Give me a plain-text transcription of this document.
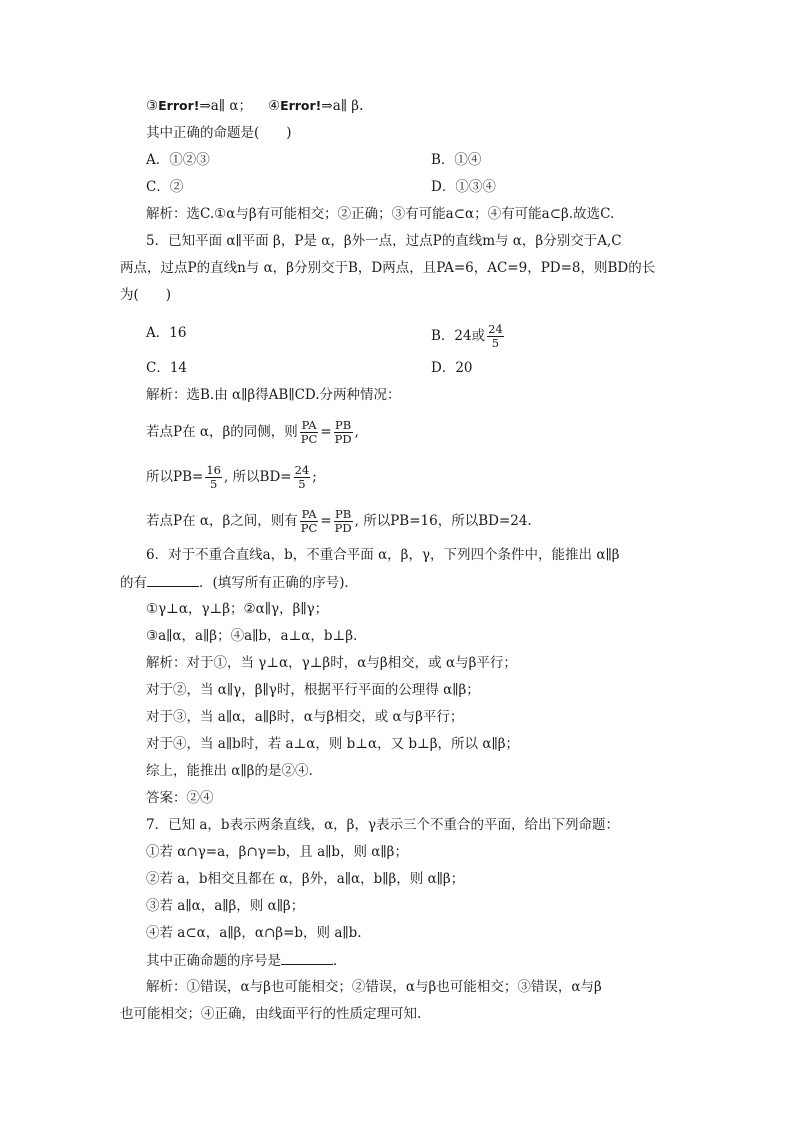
③Error!⇒a∥ α； ④Error!⇒a∥ β.
其中正确的命题是(　　)
A．①②③	B．①④
C．②	D．①③④
解析：选C.①α与β有可能相交；②正确；③有可能a⊂α；④有可能a⊂β.故选C.
5．已知平面 α∥平面 β，P是 α，β外一点，过点P的直线m与 α，β分别交于A,C
两点，过点P的直线n与 α，β分别交于B，D两点，且PA=6，AC=9，PD=8，则BD的长
为(　　)
A．16	B．24或 $\frac{24}{5}$
C．14	D．20
解析：选B.由 α∥β得AB∥CD.分两种情况：
若点P在 α，β的同侧，则 $\frac{PA}{PC} = \frac{PB}{PD}$ ,
所以$PB= \frac{16}{5}$ , 所以$BD= \frac{24}{5}$ ;
若点P在 α，β之间，则有 $\frac{PA}{PC} = \frac{PB}{PD}$ , 所以PB=16，所以BD=24.
6．对于不重合直线a，b，不重合平面 α，β，γ，下列四个条件中，能推出 α∥β
的有	．(填写所有正确的序号)．
①γ⊥α，γ⊥β；②α∥γ，β∥γ；
③a∥α，a∥β；④a∥b，a⊥α，b⊥β.
解析：对于①，当 γ⊥α，γ⊥β时，α与β相交，或 α与β平行；
对于②，当 α∥γ，β∥γ时，根据平行平面的公理得 α∥β；
对于③，当 a∥α，a∥β时，α与β相交，或 α与β平行；
对于④，当 a∥b时，若 a⊥α，则 b⊥α，又 b⊥β，所以 α∥β；
综上，能推出 α∥β的是②④.
答案：②④
7．已知 a，b表示两条直线，α，β，γ表示三个不重合的平面，给出下列命题：
①若 α∩γ=a，β∩γ=b，且 a∥b，则 α∥β；
②若 a，b相交且都在 α，β外，a∥α，b∥β，则 α∥β；
③若 a∥α，a∥β，则 α∥β；
④若 a⊂α，a∥β，α∩β=b，则 a∥b.
其中正确命题的序号是	．
解析：①错误，α与β也可能相交；②错误，α与β也可能相交；③错误，α与β
也可能相交；④正确，由线面平行的性质定理可知.
